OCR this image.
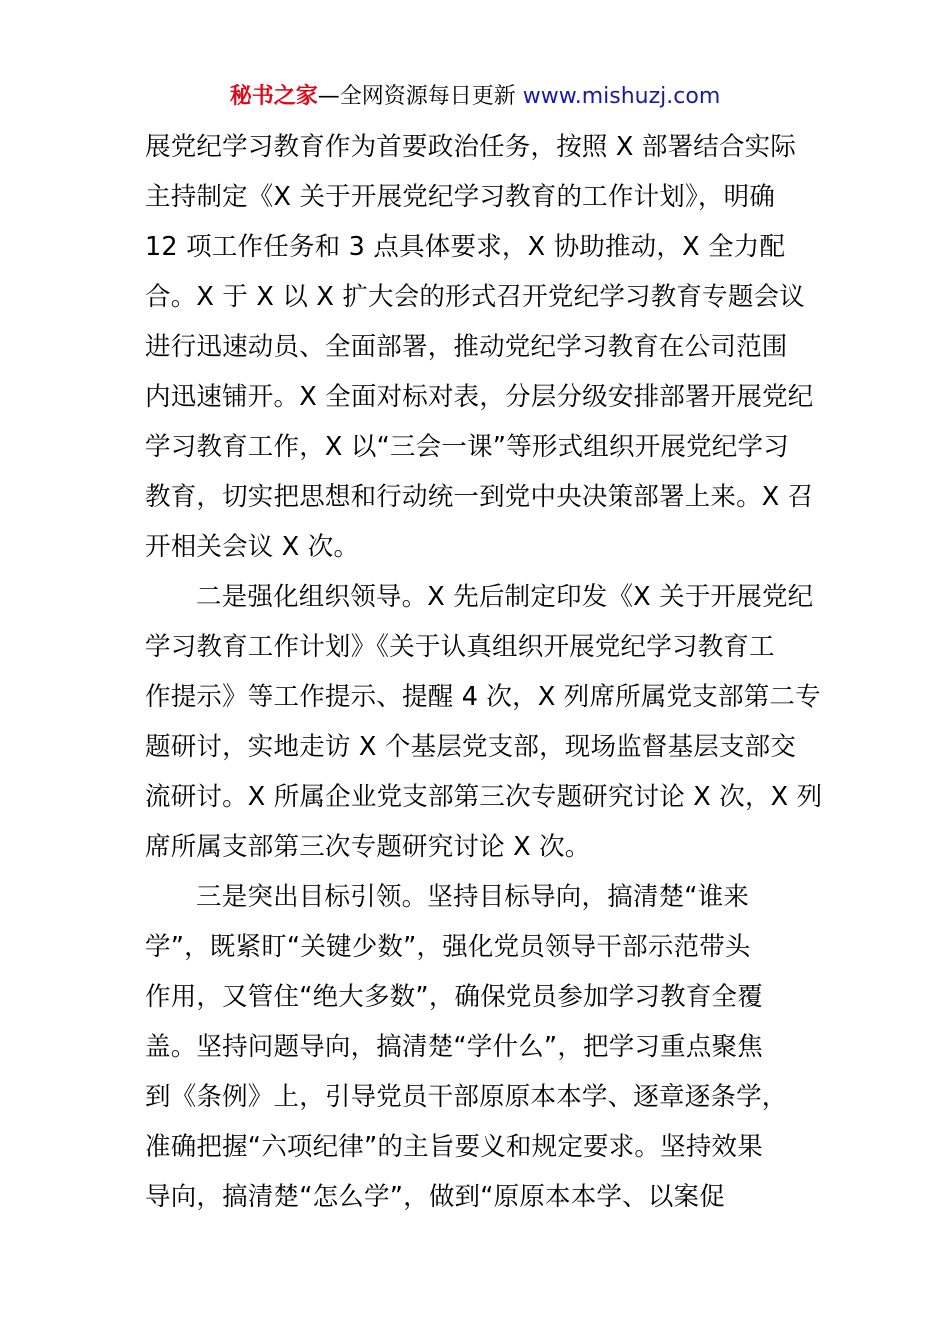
秘书之家—全网资源每日更新 www.mishuzj.com
展党纪学习教育作为首要政治任务，按照 X 部署结合实际
主持制定《X 关于开展党纪学习教育的工作计划》，明确
12 项工作任务和 3 点具体要求，X 协助推动，X 全力配
合。X 于 X 以 X 扩大会的形式召开党纪学习教育专题会议
进行迅速动员、全面部署，推动党纪学习教育在公司范围
内迅速铺开。X 全面对标对表，分层分级安排部署开展党纪
学习教育工作，X 以“三会一课”等形式组织开展党纪学习
教育，切实把思想和行动统一到党中央决策部署上来。X 召
开相关会议 X 次。
二是强化组织领导。X 先后制定印发《X 关于开展党纪
学习教育工作计划》《关于认真组织开展党纪学习教育工
作提示》等工作提示、提醒 4 次，X 列席所属党支部第二专
题研讨，实地走访 X 个基层党支部，现场监督基层支部交
流研讨。X 所属企业党支部第三次专题研究讨论 X 次，X 列
席所属支部第三次专题研究讨论 X 次。
三是突出目标引领。坚持目标导向，搞清楚“谁来
学”，既紧盯“关键少数”，强化党员领导干部示范带头
作用，又管住“绝大多数”，确保党员参加学习教育全覆
盖。坚持问题导向，搞清楚“学什么”，把学习重点聚焦
到《条例》上，引导党员干部原原本本学、逐章逐条学，
准确把握“六项纪律”的主旨要义和规定要求。坚持效果
导向，搞清楚“怎么学”，做到“原原本本学、以案促
